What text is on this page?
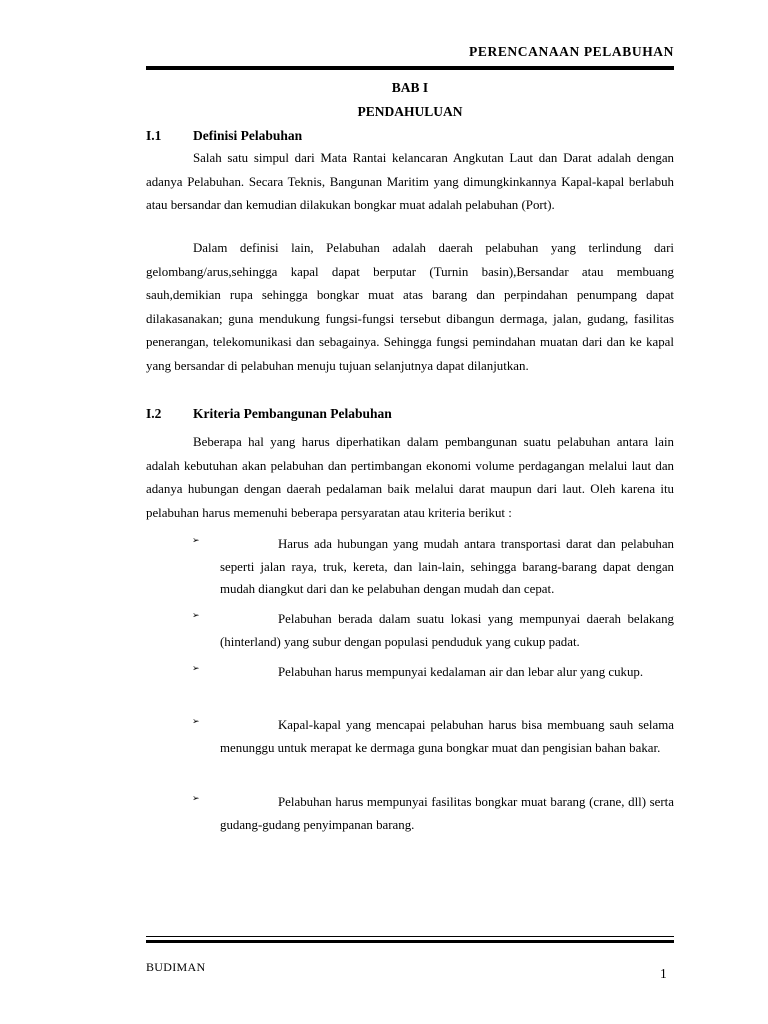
PERENCANAAN PELABUHAN
BAB I
PENDAHULUAN
I.1 Definisi Pelabuhan

Salah satu simpul dari Mata Rantai kelancaran Angkutan Laut dan Darat adalah dengan adanya Pelabuhan. Secara Teknis, Bangunan Maritim yang dimungkinkannya Kapal-kapal berlabuh atau bersandar dan kemudian dilakukan bongkar muat adalah pelabuhan (Port).

Dalam definisi lain, Pelabuhan adalah daerah pelabuhan yang terlindung dari gelombang/arus,sehingga kapal dapat berputar (Turnin basin),Bersandar atau membuang sauh,demikian rupa sehingga bongkar muat atas barang dan perpindahan penumpang dapat dilakasanakan; guna mendukung fungsi-fungsi tersebut dibangun dermaga, jalan, gudang, fasilitas penerangan, telekomunikasi dan sebagainya. Sehingga fungsi pemindahan muatan dari dan ke kapal yang bersandar di pelabuhan menuju tujuan selanjutnya dapat dilanjutkan.

I.2 Kriteria Pembangunan Pelabuhan

Beberapa hal yang harus diperhatikan dalam pembangunan suatu pelabuhan antara lain adalah kebutuhan akan pelabuhan dan pertimbangan ekonomi volume perdagangan melalui laut dan adanya hubungan dengan daerah pedalaman baik melalui darat maupun dari laut. Oleh karena itu pelabuhan harus memenuhi beberapa persyaratan atau kriteria berikut :

➢	Harus ada hubungan yang mudah antara transportasi darat dan pelabuhan seperti jalan raya, truk, kereta, dan lain-lain, sehingga barang-barang dapat dengan mudah diangkut dari dan ke pelabuhan dengan mudah dan cepat.

➢	Pelabuhan berada dalam suatu lokasi yang mempunyai daerah belakang (hinterland) yang subur dengan populasi penduduk yang cukup padat.

➢	Pelabuhan harus mempunyai kedalaman air dan lebar alur yang cukup.

➢	Kapal-kapal yang mencapai pelabuhan harus bisa membuang sauh selama menunggu untuk merapat ke dermaga guna bongkar muat dan pengisian bahan bakar.

➢	Pelabuhan harus mempunyai fasilitas bongkar muat barang (crane, dll) serta gudang-gudang penyimpanan barang.

BUDIMAN	1
